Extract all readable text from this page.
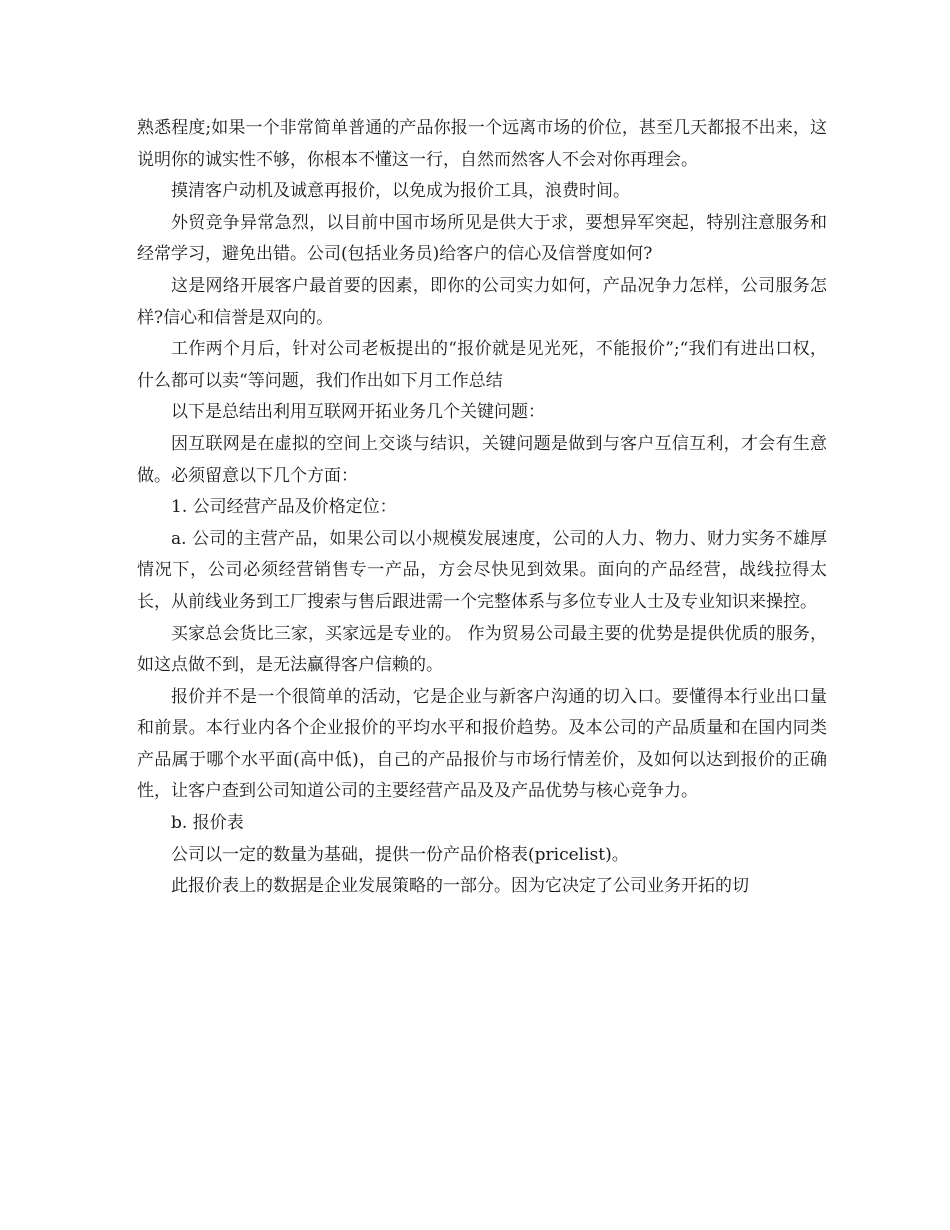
熟悉程度;如果一个非常简单普通的产品你报一个远离市场的价位，甚至几天都报不出来，这说明你的诚实性不够，你根本不懂这一行，自然而然客人不会对你再理会。

摸清客户动机及诚意再报价，以免成为报价工具，浪费时间。

外贸竞争异常急烈，以目前中国市场所见是供大于求，要想异军突起，特别注意服务和经常学习，避免出错。公司(包括业务员)给客户的信心及信誉度如何?

这是网络开展客户最首要的因素，即你的公司实力如何，产品况争力怎样，公司服务怎样?信心和信誉是双向的。

工作两个月后，针对公司老板提出的“报价就是见光死，不能报价”;“我们有进出口权，什么都可以卖“等问题，我们作出如下月工作总结

以下是总结出利用互联网开拓业务几个关键问题：

因互联网是在虚拟的空间上交谈与结识，关键问题是做到与客户互信互利，才会有生意做。必须留意以下几个方面：

1. 公司经营产品及价格定位：

a. 公司的主营产品，如果公司以小规模发展速度，公司的人力、物力、财力实务不雄厚情况下，公司必须经营销售专一产品，方会尽快见到效果。面向的产品经营，战线拉得太长，从前线业务到工厂搜索与售后跟进需一个完整体系与多位专业人士及专业知识来操控。

买家总会货比三家，买家远是专业的。 作为贸易公司最主要的优势是提供优质的服务，如这点做不到，是无法赢得客户信赖的。

报价并不是一个很简单的活动，它是企业与新客户沟通的切入口。要懂得本行业出口量和前景。本行业内各个企业报价的平均水平和报价趋势。及本公司的产品质量和在国内同类产品属于哪个水平面(高中低)，自己的产品报价与市场行情差价，及如何以达到报价的正确性，让客户查到公司知道公司的主要经营产品及及产品优势与核心竞争力。

b. 报价表

公司以一定的数量为基础，提供一份产品价格表(pricelist)。

此报价表上的数据是企业发展策略的一部分。因为它决定了公司业务开拓的切
